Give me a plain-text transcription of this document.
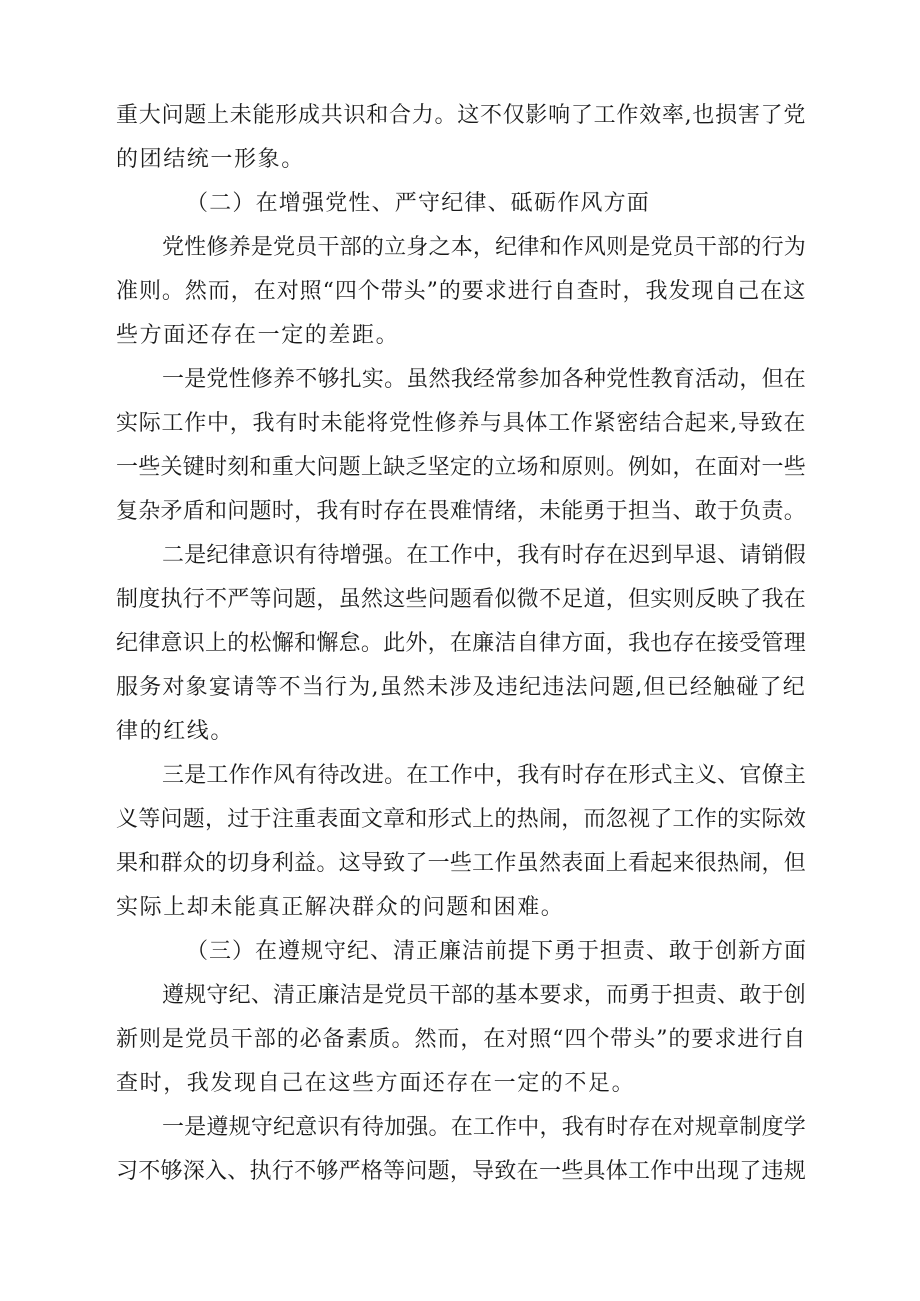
重大问题上未能形成共识和合力。这不仅影响了工作效率,也损害了党
的团结统一形象。
（二）在增强党性、严守纪律、砥砺作风方面
党性修养是党员干部的立身之本，纪律和作风则是党员干部的行为
准则。然而，在对照“四个带头”的要求进行自查时，我发现自己在这
些方面还存在一定的差距。
一是党性修养不够扎实。虽然我经常参加各种党性教育活动，但在
实际工作中，我有时未能将党性修养与具体工作紧密结合起来,导致在
一些关键时刻和重大问题上缺乏坚定的立场和原则。例如，在面对一些
复杂矛盾和问题时，我有时存在畏难情绪，未能勇于担当、敢于负责。
二是纪律意识有待增强。在工作中，我有时存在迟到早退、请销假
制度执行不严等问题，虽然这些问题看似微不足道，但实则反映了我在
纪律意识上的松懈和懈怠。此外，在廉洁自律方面，我也存在接受管理
服务对象宴请等不当行为,虽然未涉及违纪违法问题,但已经触碰了纪
律的红线。
三是工作作风有待改进。在工作中，我有时存在形式主义、官僚主
义等问题，过于注重表面文章和形式上的热闹，而忽视了工作的实际效
果和群众的切身利益。这导致了一些工作虽然表面上看起来很热闹，但
实际上却未能真正解决群众的问题和困难。
（三）在遵规守纪、清正廉洁前提下勇于担责、敢于创新方面
遵规守纪、清正廉洁是党员干部的基本要求，而勇于担责、敢于创
新则是党员干部的必备素质。然而，在对照“四个带头”的要求进行自
查时，我发现自己在这些方面还存在一定的不足。
一是遵规守纪意识有待加强。在工作中，我有时存在对规章制度学
习不够深入、执行不够严格等问题，导致在一些具体工作中出现了违规
